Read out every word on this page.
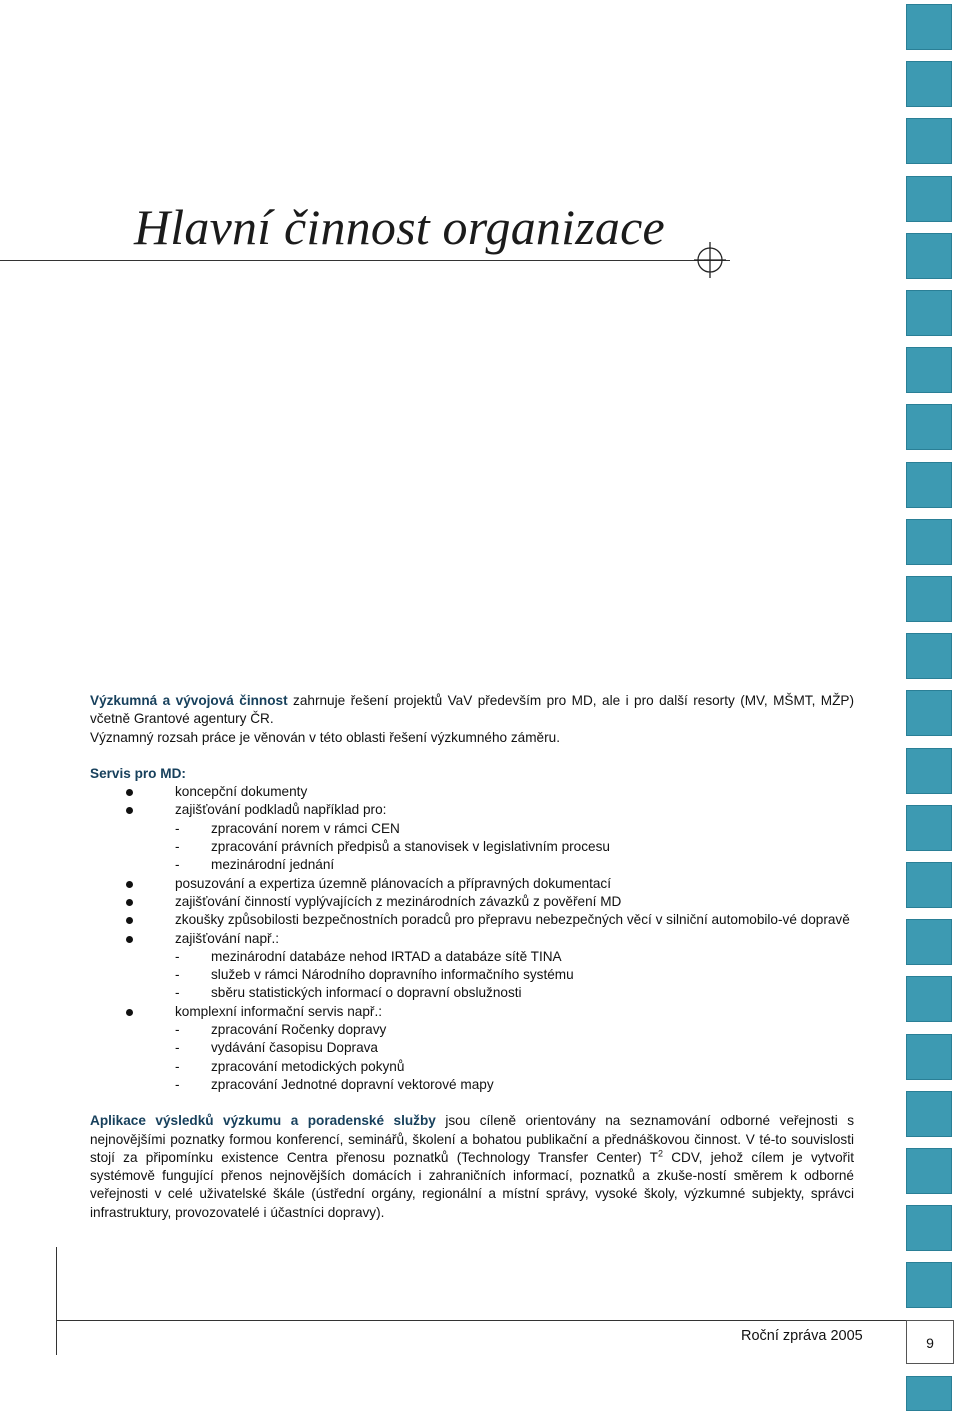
Hlavní činnost organizace

Výzkumná a vývojová činnost zahrnuje řešení projektů VaV především pro MD, ale i pro další resorty (MV, MŠMT, MŽP) včetně Grantové agentury ČR.
Významný rozsah práce je věnován v této oblasti řešení výzkumného záměru.

Servis pro MD:

koncepční dokumenty
zajišťování podkladů například pro:
- zpracování norem v rámci CEN
- zpracování právních předpisů a stanovisek v legislativním procesu
- mezinárodní jednání
posuzování a expertiza územně plánovacích a přípravných dokumentací
zajišťování činností vyplývajících z mezinárodních závazků z pověření MD
zkoušky způsobilosti bezpečnostních poradců pro přepravu nebezpečných věcí v silniční automobilo-vé dopravě
zajišťování např.:
- mezinárodní databáze nehod IRTAD a databáze sítě TINA
- služeb v rámci Národního dopravního informačního systému
- sběru statistických informací o dopravní obslužnosti
komplexní informační servis např.:
- zpracování Ročenky dopravy
- vydávání časopisu Doprava
- zpracování metodických pokynů
- zpracování Jednotné dopravní vektorové mapy

Aplikace výsledků výzkumu a poradenské služby jsou cíleně orientovány na seznamování odborné veřejnosti s nejnovějšími poznatky formou konferencí, seminářů, školení a bohatou publikační a přednáškovou činnost. V té-to souvislosti stojí za připomínku existence Centra přenosu poznatků (Technology Transfer Center) $T^2$ CDV, jehož cílem je vytvořit systémově fungující přenos nejnovějších domácích i zahraničních informací, poznatků a zkuše-ností směrem k odborné veřejnosti v celé uživatelské škále (ústřední orgány, regionální a místní správy, vysoké školy, výzkumné subjekty, správci infrastruktury, provozovatelé i účastníci dopravy).

Roční zpráva 2005	9
